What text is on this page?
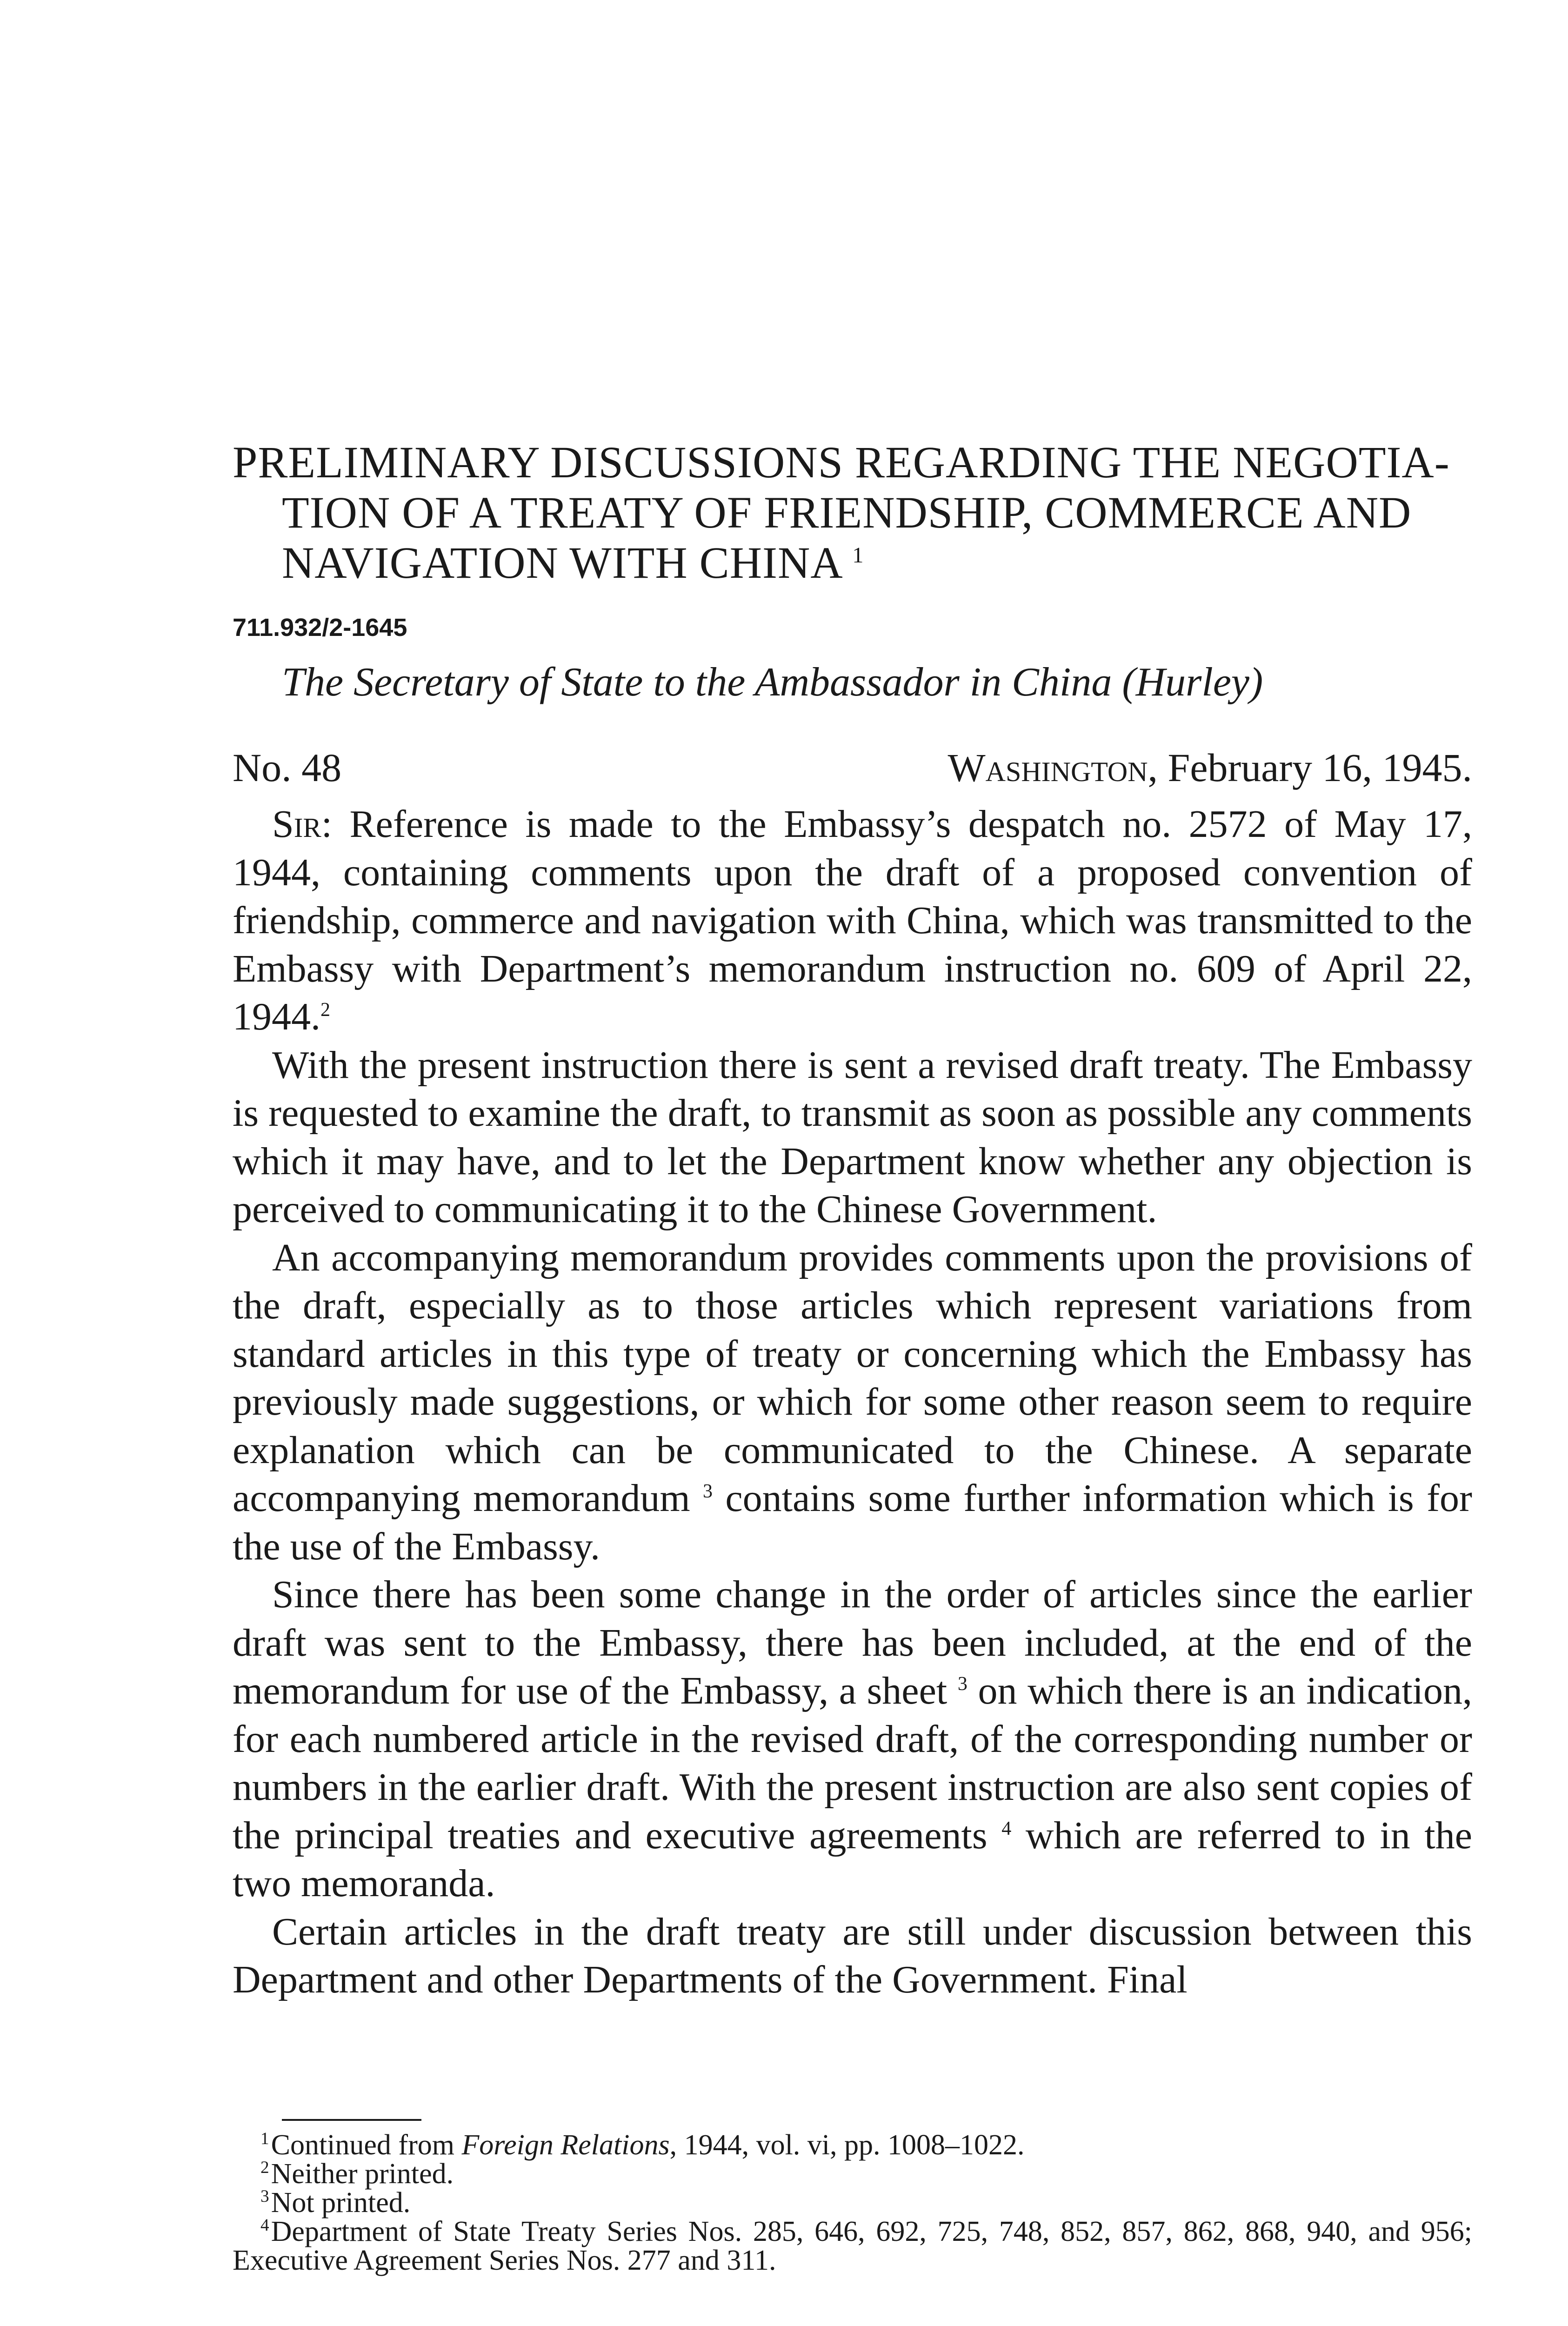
PRELIMINARY DISCUSSIONS REGARDING THE NEGOTIA-
TION OF A TREATY OF FRIENDSHIP, COMMERCE AND
NAVIGATION WITH CHINA $^1$
711.932/2-1645
The Secretary of State to the Ambassador in China (Hurley)
No. 48	Washington, February 16, 1945.

Sir: Reference is made to the Embassy’s despatch no. 2572 of May 17, 1944, containing comments upon the draft of a proposed convention of friendship, commerce and navigation with China, which was transmitted to the Embassy with Department’s memorandum instruction no. 609 of April 22, 1944.$^2$

With the present instruction there is sent a revised draft treaty. The Embassy is requested to examine the draft, to transmit as soon as possible any comments which it may have, and to let the Department know whether any objection is perceived to communicating it to the Chinese Government.

An accompanying memorandum provides comments upon the provisions of the draft, especially as to those articles which represent variations from standard articles in this type of treaty or concerning which the Embassy has previously made suggestions, or which for some other reason seem to require explanation which can be communicated to the Chinese. A separate accompanying memorandum $^3$ contains some further information which is for the use of the Embassy.

Since there has been some change in the order of articles since the earlier draft was sent to the Embassy, there has been included, at the end of the memorandum for use of the Embassy, a sheet $^3$ on which there is an indication, for each numbered article in the revised draft, of the corresponding number or numbers in the earlier draft. With the present instruction are also sent copies of the principal treaties and executive agreements $^4$ which are referred to in the two memoranda.

Certain articles in the draft treaty are still under discussion between this Department and other Departments of the Government. Final

$^1$Continued from Foreign Relations, 1944, vol. vi, pp. 1008–1022.

$^2$Neither printed.

$^3$Not printed.

$^4$Department of State Treaty Series Nos. 285, 646, 692, 725, 748, 852, 857, 862, 868, 940, and 956; Executive Agreement Series Nos. 277 and 311.
